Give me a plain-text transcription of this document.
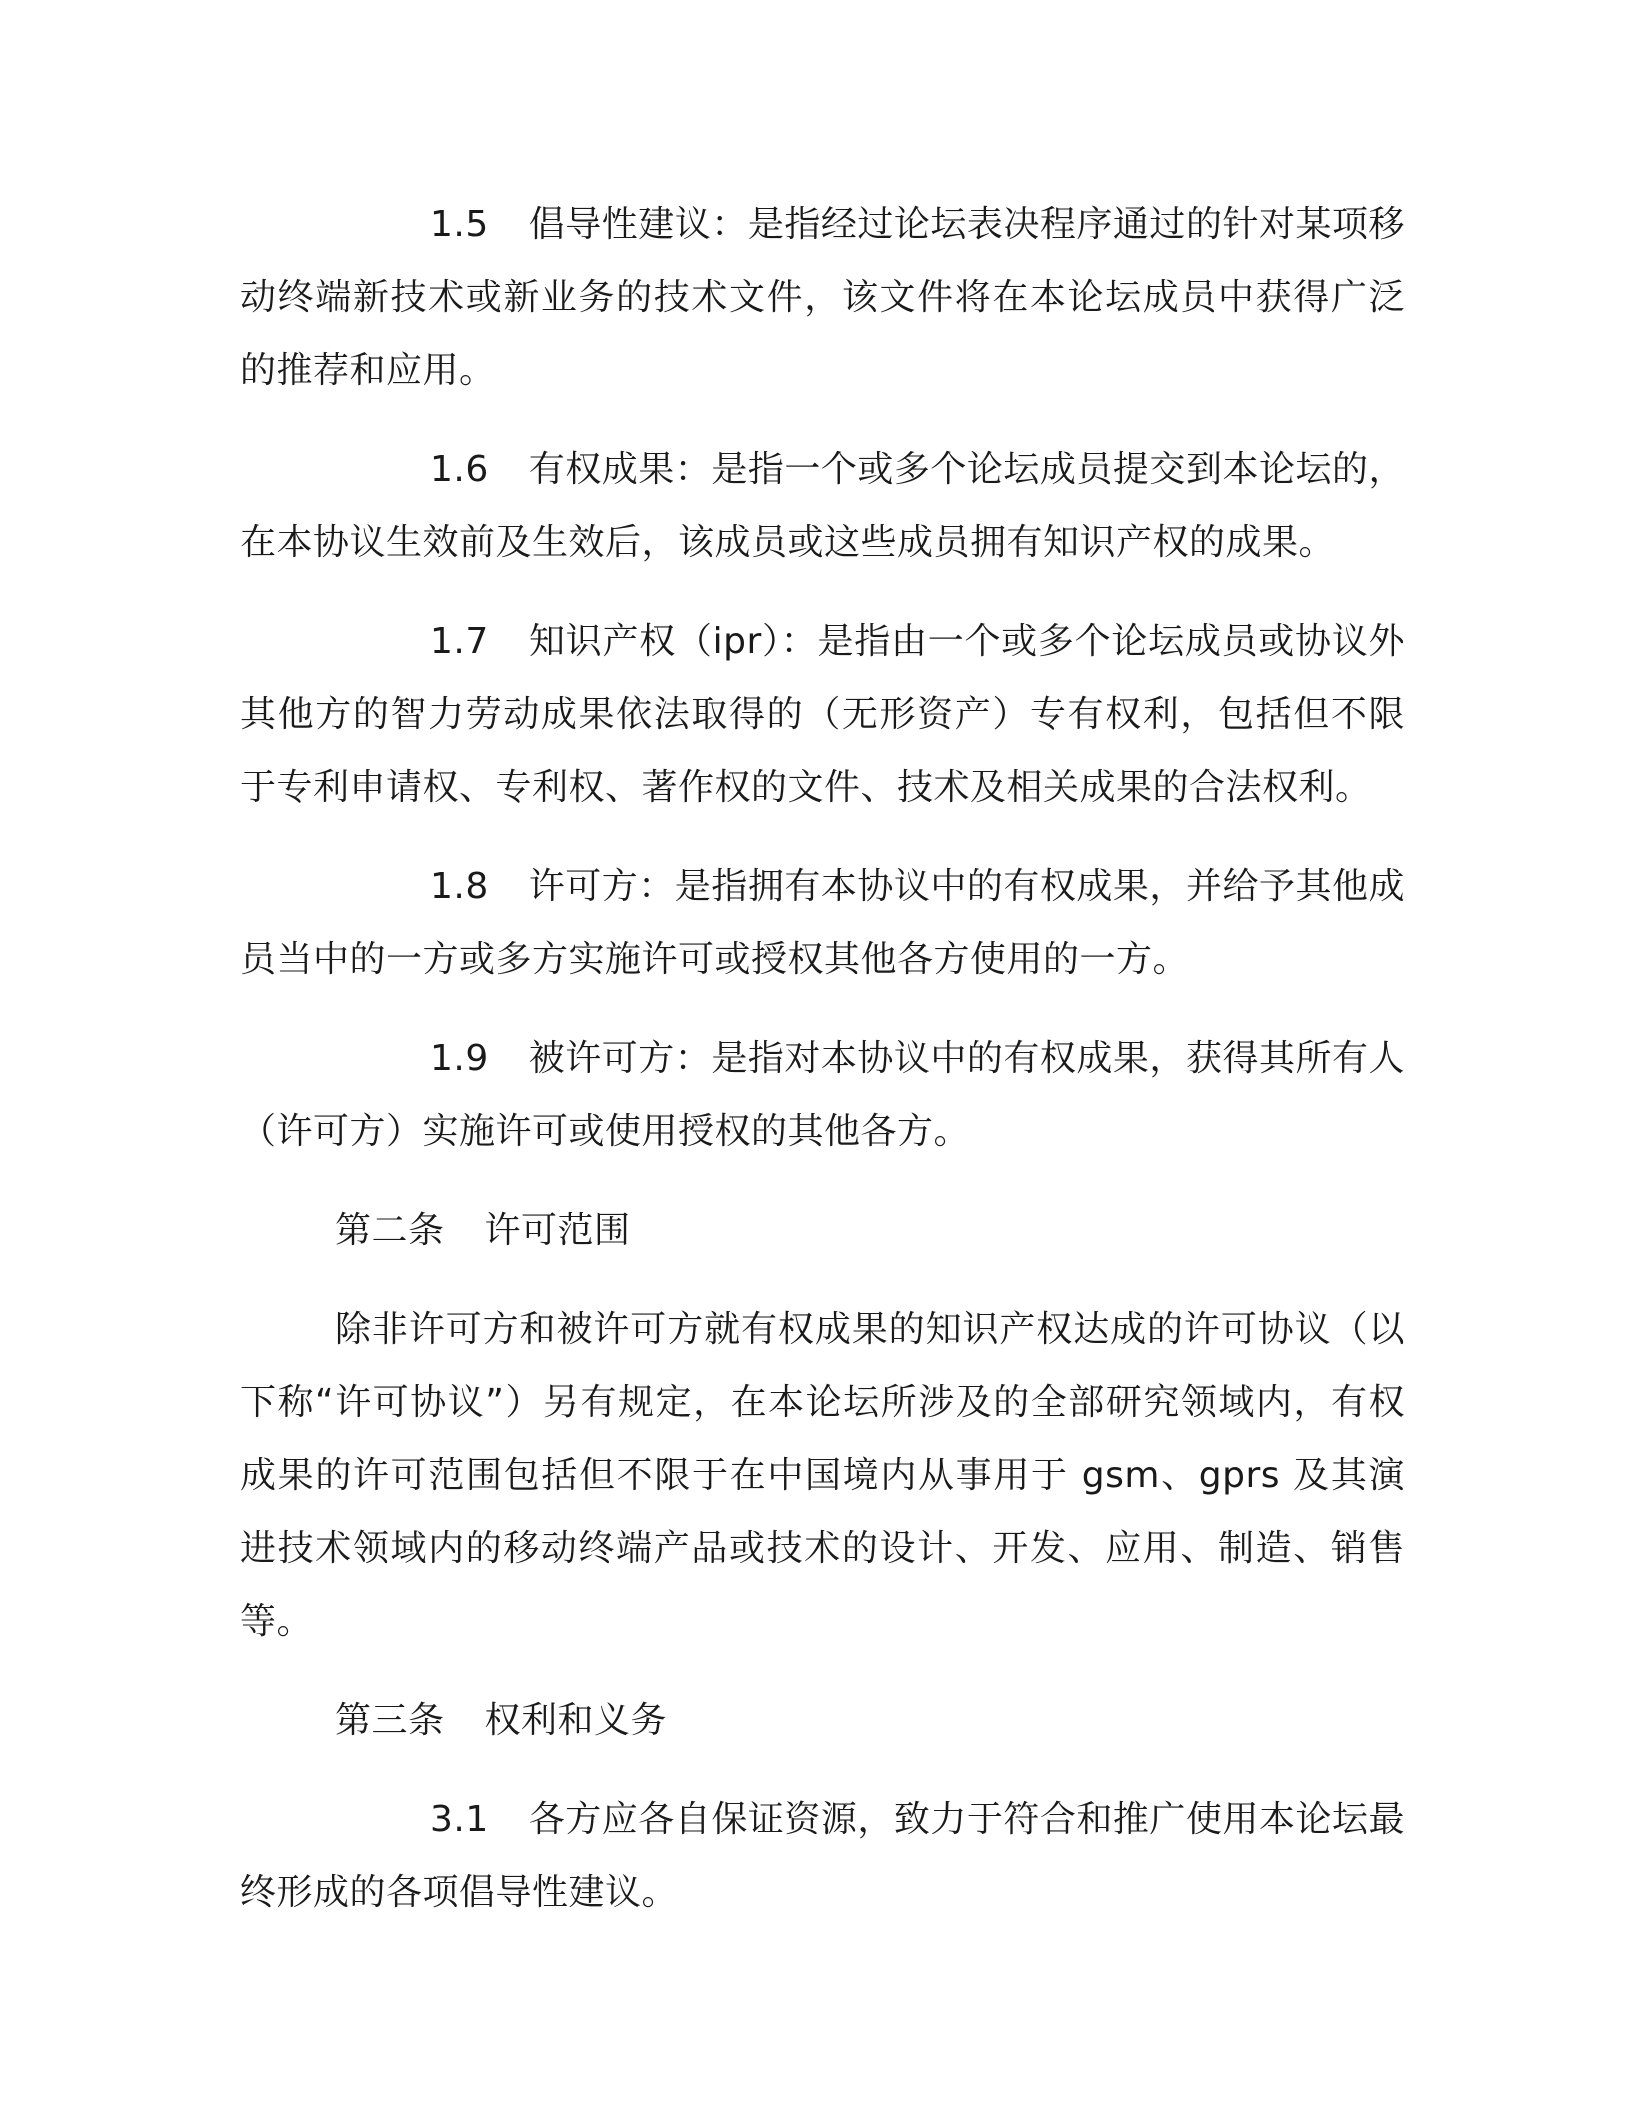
1.5 倡导性建议：是指经过论坛表决程序通过的针对某项移动终端新技术或新业务的技术文件，该文件将在本论坛成员中获得广泛的推荐和应用。

1.6 有权成果：是指一个或多个论坛成员提交到本论坛的，在本协议生效前及生效后，该成员或这些成员拥有知识产权的成果。

1.7 知识产权（ipr）：是指由一个或多个论坛成员或协议外其他方的智力劳动成果依法取得的（无形资产）专有权利，包括但不限于专利申请权、专利权、著作权的文件、技术及相关成果的合法权利。

1.8 许可方：是指拥有本协议中的有权成果，并给予其他成员当中的一方或多方实施许可或授权其他各方使用的一方。

1.9 被许可方：是指对本协议中的有权成果，获得其所有人（许可方）实施许可或使用授权的其他各方。

第二条 许可范围

除非许可方和被许可方就有权成果的知识产权达成的许可协议（以下称“许可协议”）另有规定，在本论坛所涉及的全部研究领域内，有权成果的许可范围包括但不限于在中国境内从事用于 gsm、gprs 及其演进技术领域内的移动终端产品或技术的设计、开发、应用、制造、销售等。

第三条 权利和义务

3.1 各方应各自保证资源，致力于符合和推广使用本论坛最终形成的各项倡导性建议。
